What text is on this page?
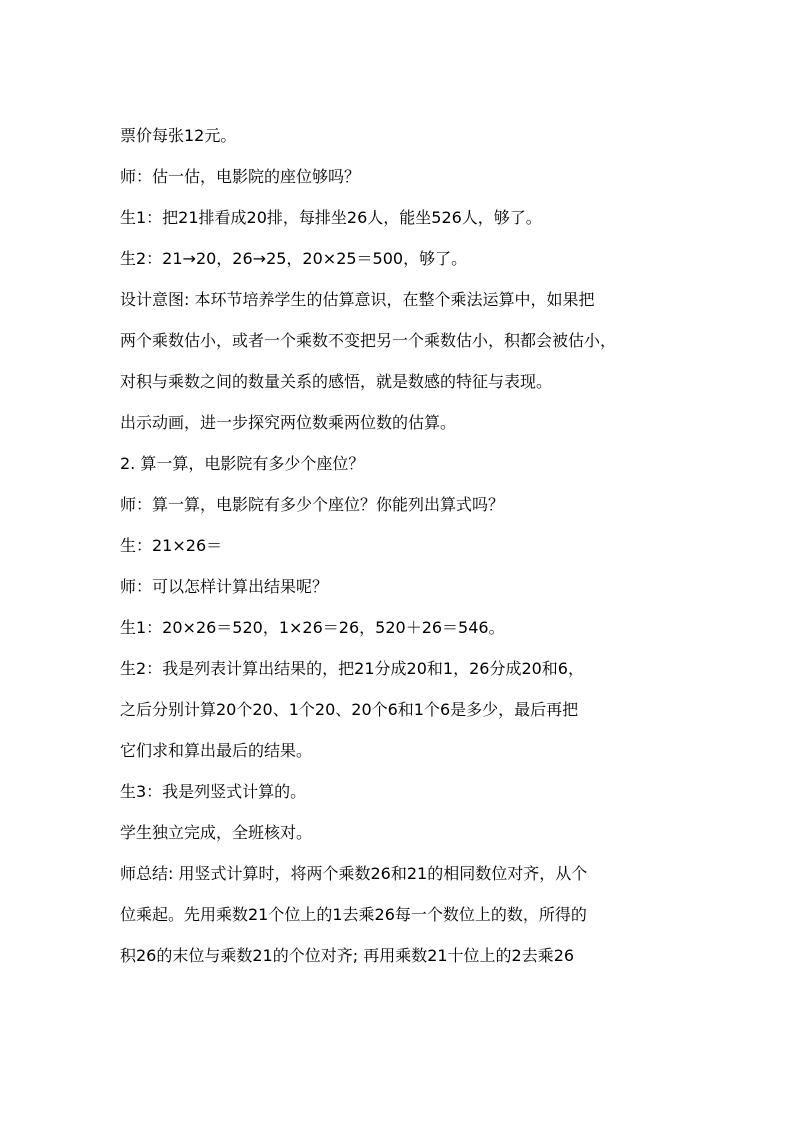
票价每张12元。
师：估一估，电影院的座位够吗？
生1：把21排看成20排，每排坐26人，能坐526人，够了。
生2：21→20，26→25，20×25＝500，够了。
设计意图: 本环节培养学生的估算意识，在整个乘法运算中，如果把
两个乘数估小，或者一个乘数不变把另一个乘数估小，积都会被估小，
对积与乘数之间的数量关系的感悟，就是数感的特征与表现。
出示动画，进一步探究两位数乘两位数的估算。
2. 算一算，电影院有多少个座位？
师：算一算，电影院有多少个座位？你能列出算式吗？
生：21×26＝
师：可以怎样计算出结果呢？
生1：20×26＝520，1×26＝26，520＋26＝546。
生2：我是列表计算出结果的，把21分成20和1，26分成20和6，
之后分别计算20个20、1个20、20个6和1个6是多少，最后再把
它们求和算出最后的结果。
生3：我是列竖式计算的。
学生独立完成，全班核对。
师总结: 用竖式计算时，将两个乘数26和21的相同数位对齐，从个
位乘起。先用乘数21个位上的1去乘26每一个数位上的数，所得的
积26的末位与乘数21的个位对齐; 再用乘数21十位上的2去乘26
